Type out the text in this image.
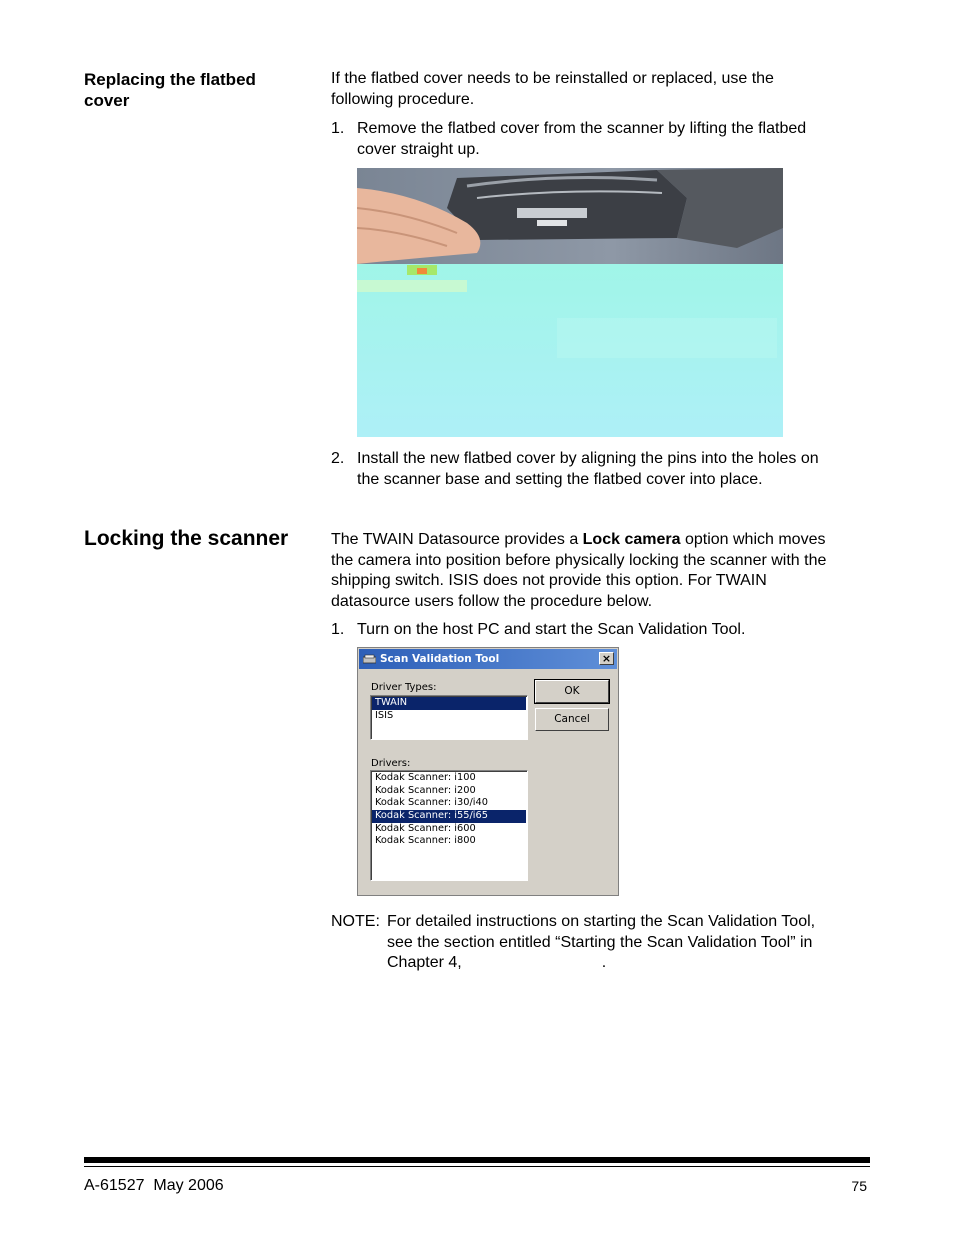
Replacing the flatbed cover
If the flatbed cover needs to be reinstalled or replaced, use the
following procedure.
1. Remove the flatbed cover from the scanner by lifting the flatbed
cover straight up.
2. Install the new flatbed cover by aligning the pins into the holes on
the scanner base and setting the flatbed cover into place.
Locking the scanner	The TWAIN Datasource provides a Lock camera option which moves
the camera into position before physically locking the scanner with the
shipping switch. ISIS does not provide this option. For TWAIN
datasource users follow the procedure below.
1. Turn on the host PC and start the Scan Validation Tool.
Scan Validation Tool	×
Driver Types:
TWAIN
ISIS
Drivers:
Kodak Scanner: i100
Kodak Scanner: i200
Kodak Scanner: i30/i40
Kodak Scanner: i55/i65
Kodak Scanner: i600
Kodak Scanner: i800
OK
Cancel
NOTE: For detailed instructions on starting the Scan Validation Tool,
see the section entitled “Starting the Scan Validation Tool” in
Chapter 4,	.
A-61527  May 2006	75
